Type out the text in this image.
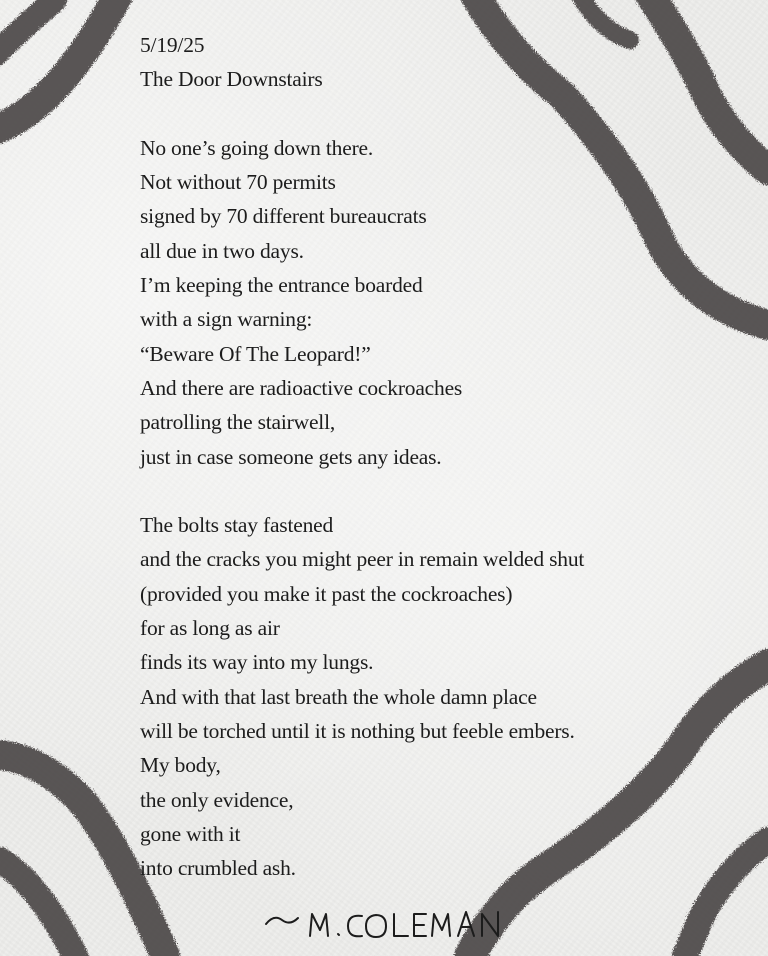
5/19/25
The Door Downstairs
No one’s going down there.
Not without 70 permits
signed by 70 different bureaucrats
all due in two days.
I’m keeping the entrance boarded
with a sign warning:
“Beware Of The Leopard!”
And there are radioactive cockroaches
patrolling the stairwell,
just in case someone gets any ideas.
The bolts stay fastened
and the cracks you might peer in remain welded shut
(provided you make it past the cockroaches)
for as long as air
finds its way into my lungs.
And with that last breath the whole damn place
will be torched until it is nothing but feeble embers.
My body,
the only evidence,
gone with it
into crumbled ash.
